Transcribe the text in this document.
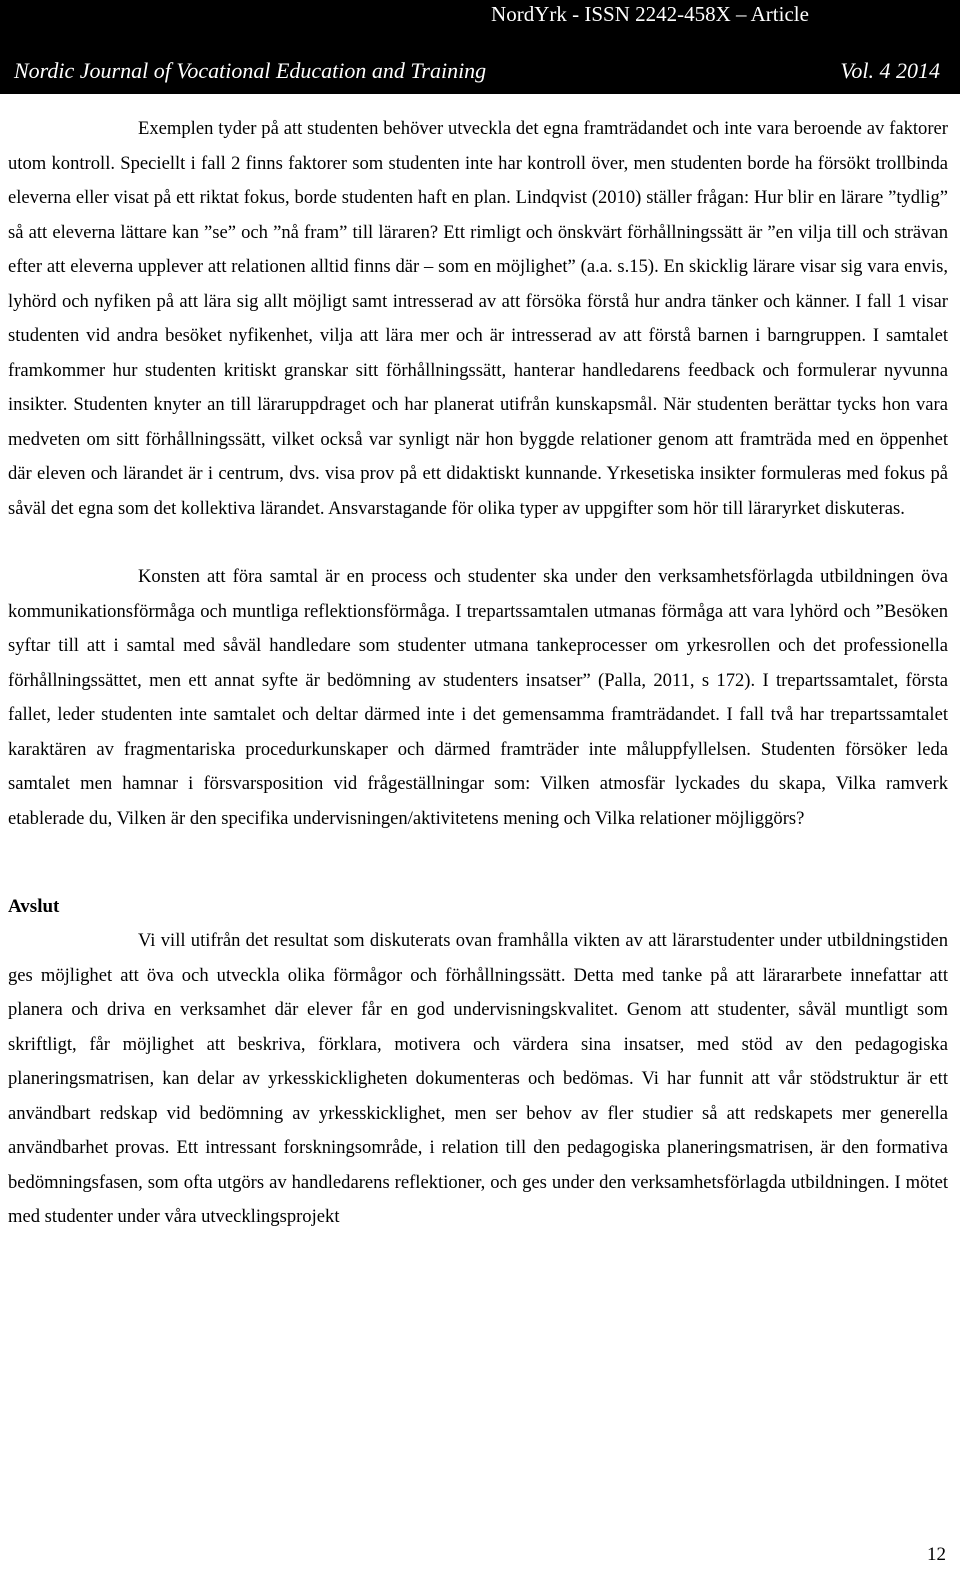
NordYrk - ISSN 2242-458X – Article
Nordic Journal of Vocational Education and Training	Vol. 4 2014

Exemplen tyder på att studenten behöver utveckla det egna framträdandet och inte vara beroende av faktorer utom kontroll. Speciellt i fall 2 finns faktorer som studenten inte har kontroll över, men studenten borde ha försökt trollbinda eleverna eller visat på ett riktat fokus, borde studenten haft en plan. Lindqvist (2010) ställer frågan: Hur blir en lärare ”tydlig” så att eleverna lättare kan ”se” och ”nå fram” till läraren? Ett rimligt och önskvärt förhållningssätt är ”en vilja till och strävan efter att eleverna upplever att relationen alltid finns där – som en möjlighet” (a.a. s.15). En skicklig lärare visar sig vara envis, lyhörd och nyfiken på att lära sig allt möjligt samt intresserad av att försöka förstå hur andra tänker och känner. I fall 1 visar studenten vid andra besöket nyfikenhet, vilja att lära mer och är intresserad av att förstå barnen i barngruppen. I samtalet framkommer hur studenten kritiskt granskar sitt förhållningssätt, hanterar handledarens feedback och formulerar nyvunna insikter. Studenten knyter an till läraruppdraget och har planerat utifrån kunskapsmål. När studenten berättar tycks hon vara medveten om sitt förhållningssätt, vilket också var synligt när hon byggde relationer genom att framträda med en öppenhet där eleven och lärandet är i centrum, dvs. visa prov på ett didaktiskt kunnande. Yrkesetiska insikter formuleras med fokus på såväl det egna som det kollektiva lärandet. Ansvarstagande för olika typer av uppgifter som hör till läraryrket diskuteras.

Konsten att föra samtal är en process och studenter ska under den verksamhetsförlagda utbildningen öva kommunikationsförmåga och muntliga reflektionsförmåga. I trepartssamtalen utmanas förmåga att vara lyhörd och ”Besöken syftar till att i samtal med såväl handledare som studenter utmana tankeprocesser om yrkesrollen och det professionella förhållningssättet, men ett annat syfte är bedömning av studenters insatser” (Palla, 2011, s 172). I trepartssamtalet, första fallet, leder studenten inte samtalet och deltar därmed inte i det gemensamma framträdandet. I fall två har trepartssamtalet karaktären av fragmentariska procedurkunskaper och därmed framträder inte måluppfyllelsen. Studenten försöker leda samtalet men hamnar i försvarsposition vid frågeställningar som: Vilken atmosfär lyckades du skapa, Vilka ramverk etablerade du, Vilken är den specifika undervisningen/aktivitetens mening och Vilka relationer möjliggörs?

Avslut

Vi vill utifrån det resultat som diskuterats ovan framhålla vikten av att lärarstudenter under utbildningstiden ges möjlighet att öva och utveckla olika förmågor och förhållningssätt. Detta med tanke på att lärararbete innefattar att planera och driva en verksamhet där elever får en god undervisningskvalitet. Genom att studenter, såväl muntligt som skriftligt, får möjlighet att beskriva, förklara, motivera och värdera sina insatser, med stöd av den pedagogiska planeringsmatrisen, kan delar av yrkesskickligheten dokumenteras och bedömas. Vi har funnit att vår stödstruktur är ett användbart redskap vid bedömning av yrkesskicklighet, men ser behov av fler studier så att redskapets mer generella användbarhet provas. Ett intressant forskningsområde, i relation till den pedagogiska planeringsmatrisen, är den formativa bedömningsfasen, som ofta utgörs av handledarens reflektioner, och ges under den verksamhetsförlagda utbildningen. I mötet med studenter under våra utvecklingsprojekt

12
